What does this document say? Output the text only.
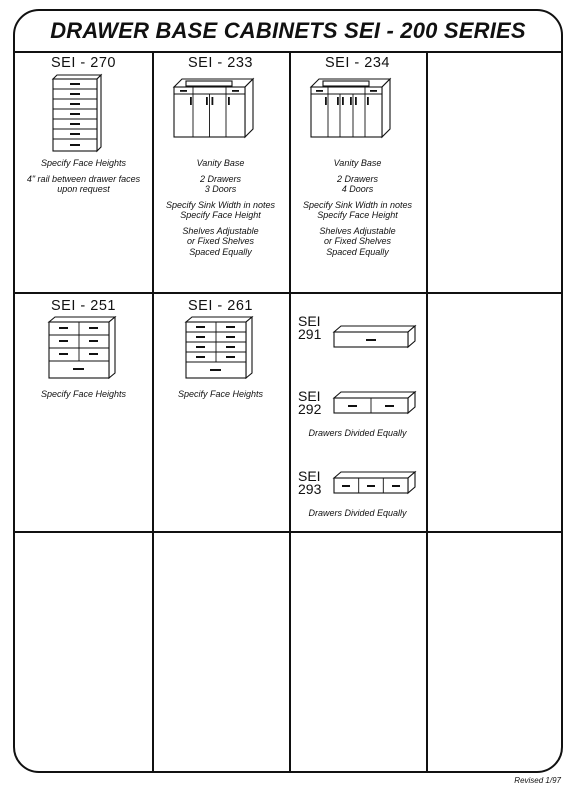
DRAWER BASE CABINETS SEI - 200 SERIES
SEI - 270
Specify Face Heights
4" rail between drawer faces
upon request
SEI - 233
Vanity Base
2 Drawers
3 Doors
Specify Sink Width in notes
Specify Face Height
Shelves Adjustable
or Fixed Shelves
Spaced Equally
SEI - 234
Vanity Base
2 Drawers
4 Doors
Specify Sink Width in notes
Specify Face Height
Shelves Adjustable
or Fixed Shelves
Spaced Equally
SEI - 251
Specify Face Heights
SEI - 261
Specify Face Heights
SEI
291
SEI
292
Drawers Divided Equally
SEI
293
Drawers Divided Equally
Revised 1/97
